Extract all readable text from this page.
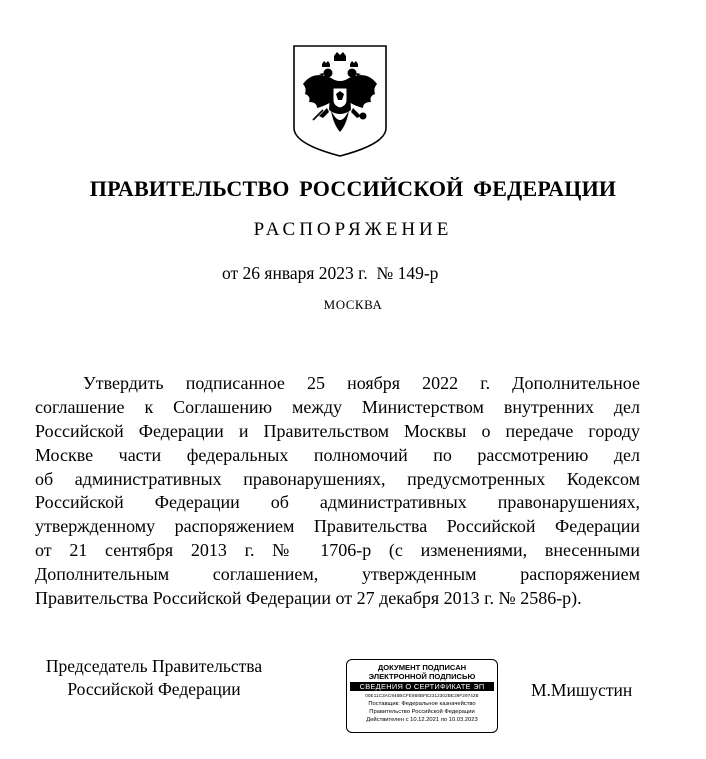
ПРАВИТЕЛЬСТВО РОССИЙСКОЙ ФЕДЕРАЦИИ
РАСПОРЯЖЕНИЕ
от 26 января 2023 г.  № 149-р
МОСКВА
Утвердить подписанное 25 ноября 2022 г. Дополнительное
соглашение к Соглашению между Министерством внутренних дел
Российской Федерации и Правительством Москвы о передаче городу
Москве части федеральных полномочий по рассмотрению дел
об административных правонарушениях, предусмотренных Кодексом
Российской Федерации об административных правонарушениях,
утвержденному распоряжением Правительства Российской Федерации
от 21 сентября 2013 г. № 1706-р (с изменениями, внесенными
Дополнительным соглашением, утвержденным распоряжением
Правительства Российской Федерации от 27 декабря 2013 г. № 2586-р).
Председатель Правительства
Российской Федерации
ДОКУМЕНТ ПОДПИСАН
ЭЛЕКТРОННОЙ ПОДПИСЬЮ
СВЕДЕНИЯ О СЕРТИФИКАТЕ ЭП
00E11C3AC946BCFE868BFE2312302BE39F29742B
Поставщик: Федеральное казначейство
Правительство Российской Федерации
Действителен с 10.12.2021 по 10.03.2023
М.Мишустин
